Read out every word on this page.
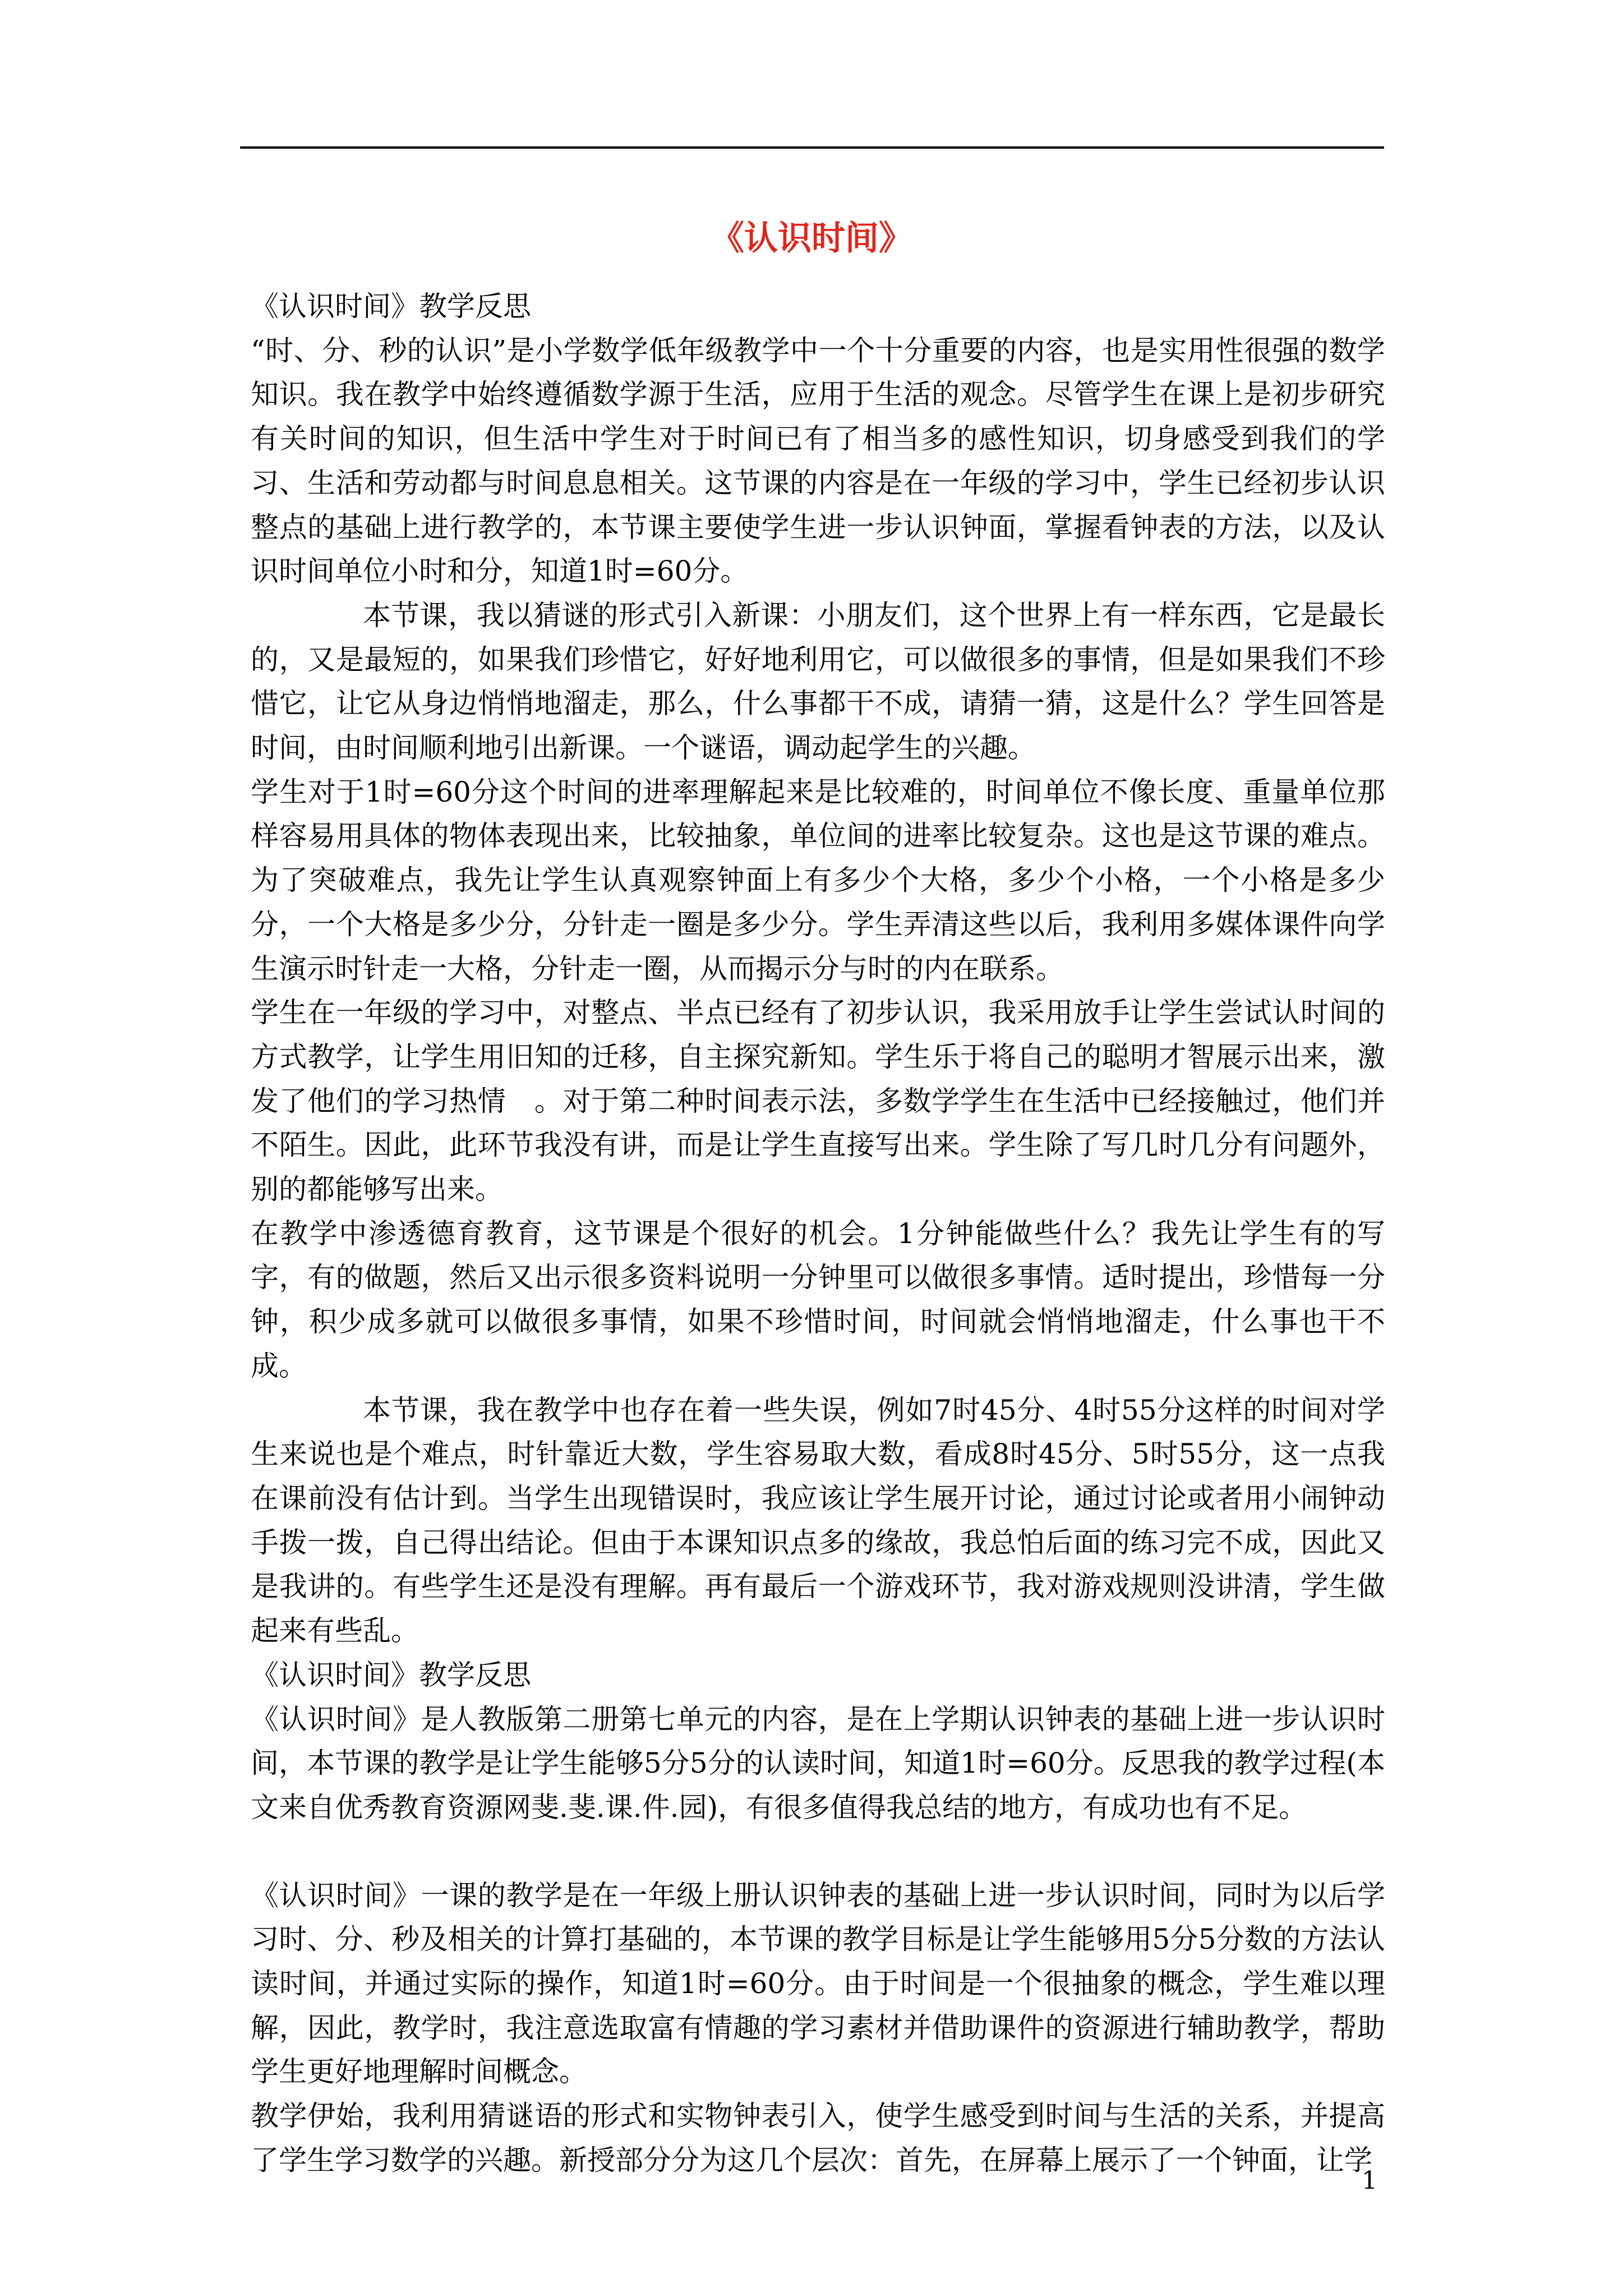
《认识时间》

《认识时间》教学反思

“时、分、秒的认识”是小学数学低年级教学中一个十分重要的内容，也是实用性很强的数学知识。我在教学中始终遵循数学源于生活，应用于生活的观念。尽管学生在课上是初步研究有关时间的知识，但生活中学生对于时间已有了相当多的感性知识，切身感受到我们的学习、生活和劳动都与时间息息相关。这节课的内容是在一年级的学习中，学生已经初步认识整点的基础上进行教学的，本节课主要使学生进一步认识钟面，掌握看钟表的方法，以及认识时间单位小时和分，知道1时=60分。

本节课，我以猜谜的形式引入新课：小朋友们，这个世界上有一样东西，它是最长的，又是最短的，如果我们珍惜它，好好地利用它，可以做很多的事情，但是如果我们不珍惜它，让它从身边悄悄地溜走，那么，什么事都干不成，请猜一猜，这是什么？学生回答是时间，由时间顺利地引出新课。一个谜语，调动起学生的兴趣。

学生对于1时=60分这个时间的进率理解起来是比较难的，时间单位不像长度、重量单位那样容易用具体的物体表现出来，比较抽象，单位间的进率比较复杂。这也是这节课的难点。为了突破难点，我先让学生认真观察钟面上有多少个大格，多少个小格，一个小格是多少分，一个大格是多少分，分针走一圈是多少分。学生弄清这些以后，我利用多媒体课件向学生演示时针走一大格，分针走一圈，从而揭示分与时的内在联系。

学生在一年级的学习中，对整点、半点已经有了初步认识，我采用放手让学生尝试认时间的方式教学，让学生用旧知的迁移，自主探究新知。学生乐于将自己的聪明才智展示出来，激发了他们的学习热情　。对于第二种时间表示法，多数学学生在生活中已经接触过，他们并不陌生。因此，此环节我没有讲，而是让学生直接写出来。学生除了写几时几分有问题外，别的都能够写出来。

在教学中渗透德育教育，这节课是个很好的机会。1分钟能做些什么？我先让学生有的写字，有的做题，然后又出示很多资料说明一分钟里可以做很多事情。适时提出，珍惜每一分钟，积少成多就可以做很多事情，如果不珍惜时间，时间就会悄悄地溜走，什么事也干不成。

本节课，我在教学中也存在着一些失误，例如7时45分、4时55分这样的时间对学生来说也是个难点，时针靠近大数，学生容易取大数，看成8时45分、5时55分，这一点我在课前没有估计到。当学生出现错误时，我应该让学生展开讨论，通过讨论或者用小闹钟动手拨一拨，自己得出结论。但由于本课知识点多的缘故，我总怕后面的练习完不成，因此又是我讲的。有些学生还是没有理解。再有最后一个游戏环节，我对游戏规则没讲清，学生做起来有些乱。

《认识时间》教学反思

《认识时间》是人教版第二册第七单元的内容，是在上学期认识钟表的基础上进一步认识时间，本节课的教学是让学生能够5分5分的认读时间，知道1时=60分。反思我的教学过程(本文来自优秀教育资源网斐.斐.课.件.园)，有很多值得我总结的地方，有成功也有不足。

《认识时间》一课的教学是在一年级上册认识钟表的基础上进一步认识时间，同时为以后学习时、分、秒及相关的计算打基础的，本节课的教学目标是让学生能够用5分5分数的方法认读时间，并通过实际的操作，知道1时=60分。由于时间是一个很抽象的概念，学生难以理解，因此，教学时，我注意选取富有情趣的学习素材并借助课件的资源进行辅助教学，帮助学生更好地理解时间概念。

教学伊始，我利用猜谜语的形式和实物钟表引入，使学生感受到时间与生活的关系，并提高了学生学习数学的兴趣。新授部分分为这几个层次：首先，在屏幕上展示了一个钟面，让学

1
